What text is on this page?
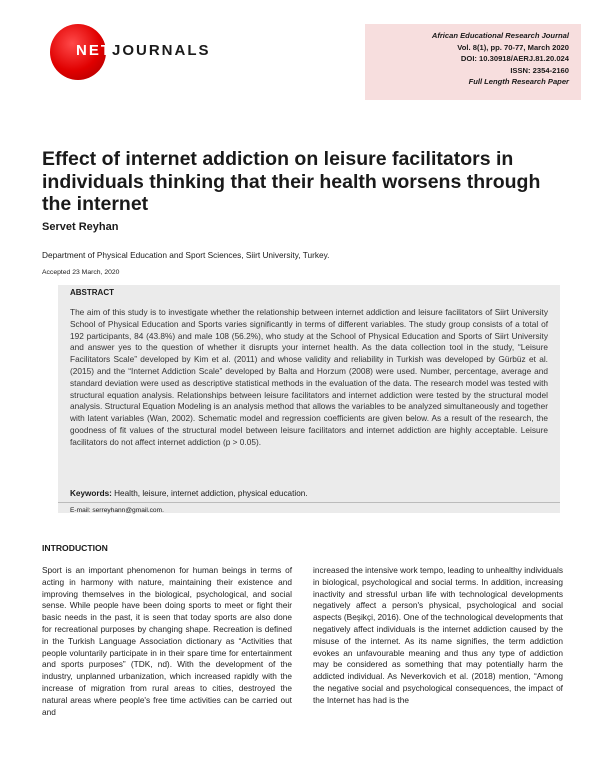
NETJOURNALS
African Educational Research Journal
Vol. 8(1), pp. 70-77, March 2020
DOI: 10.30918/AERJ.81.20.024
ISSN: 2354-2160
Full Length Research Paper
Effect of internet addiction on leisure facilitators in individuals thinking that their health worsens through the internet
Servet Reyhan
Department of Physical Education and Sport Sciences, Siirt University, Turkey.
Accepted 23 March, 2020
ABSTRACT
The aim of this study is to investigate whether the relationship between internet addiction and leisure facilitators of Siirt University School of Physical Education and Sports varies significantly in terms of different variables. The study group consists of a total of 192 participants, 84 (43.8%) and male 108 (56.2%), who study at the School of Physical Education and Sports of Siirt University and answer yes to the question of whether it disrupts your internet health. As the data collection tool in the study, “Leisure Facilitators Scale” developed by Kim et al. (2011) and whose validity and reliability in Turkish was developed by Gürbüz et al. (2015) and the “Internet Addiction Scale” developed by Balta and Horzum (2008) were used. Number, percentage, average and standard deviation were used as descriptive statistical methods in the evaluation of the data. The research model was tested with structural equation analysis. Relationships between leisure facilitators and internet addiction were tested by the structural model analysis. Structural Equation Modeling is an analysis method that allows the variables to be analyzed simultaneously and together with latent variables (Wan, 2002). Schematic model and regression coefficients are given below. As a result of the research, the goodness of fit values of the structural model between leisure facilitators and internet addiction are highly acceptable. Leisure facilitators do not affect internet addiction (p > 0.05).
Keywords: Health, leisure, internet addiction, physical education.
E-mail: serreyhann@gmail.com.
INTRODUCTION
Sport is an important phenomenon for human beings in terms of acting in harmony with nature, maintaining their existence and improving themselves in the biological, psychological, and social sense. While people have been doing sports to meet or fight their basic needs in the past, it is seen that today sports are also done for recreational purposes by changing shape. Recreation is defined in the Turkish Language Association dictionary as “Activities that people voluntarily participate in in their spare time for entertainment and sports purposes” (TDK, nd). With the development of the industry, unplanned urbanization, which increased rapidly with the increase of migration from rural areas to cities, destroyed the natural areas where people's free time activities can be carried out and
increased the intensive work tempo, leading to unhealthy individuals in biological, psychological and social terms. In addition, increasing inactivity and stressful urban life with technological developments negatively affect a person's physical, psychological and social aspects (Beşikçi, 2016). One of the technological developments that negatively affect individuals is the internet addiction caused by the misuse of the internet. As its name signifies, the term addiction evokes an unfavourable meaning and thus any type of addiction may be considered as something that may potentially harm the addicted individual. As Neverkovich et al. (2018) mention, “Among the negative social and psychological consequences, the impact of the Internet has had is the
